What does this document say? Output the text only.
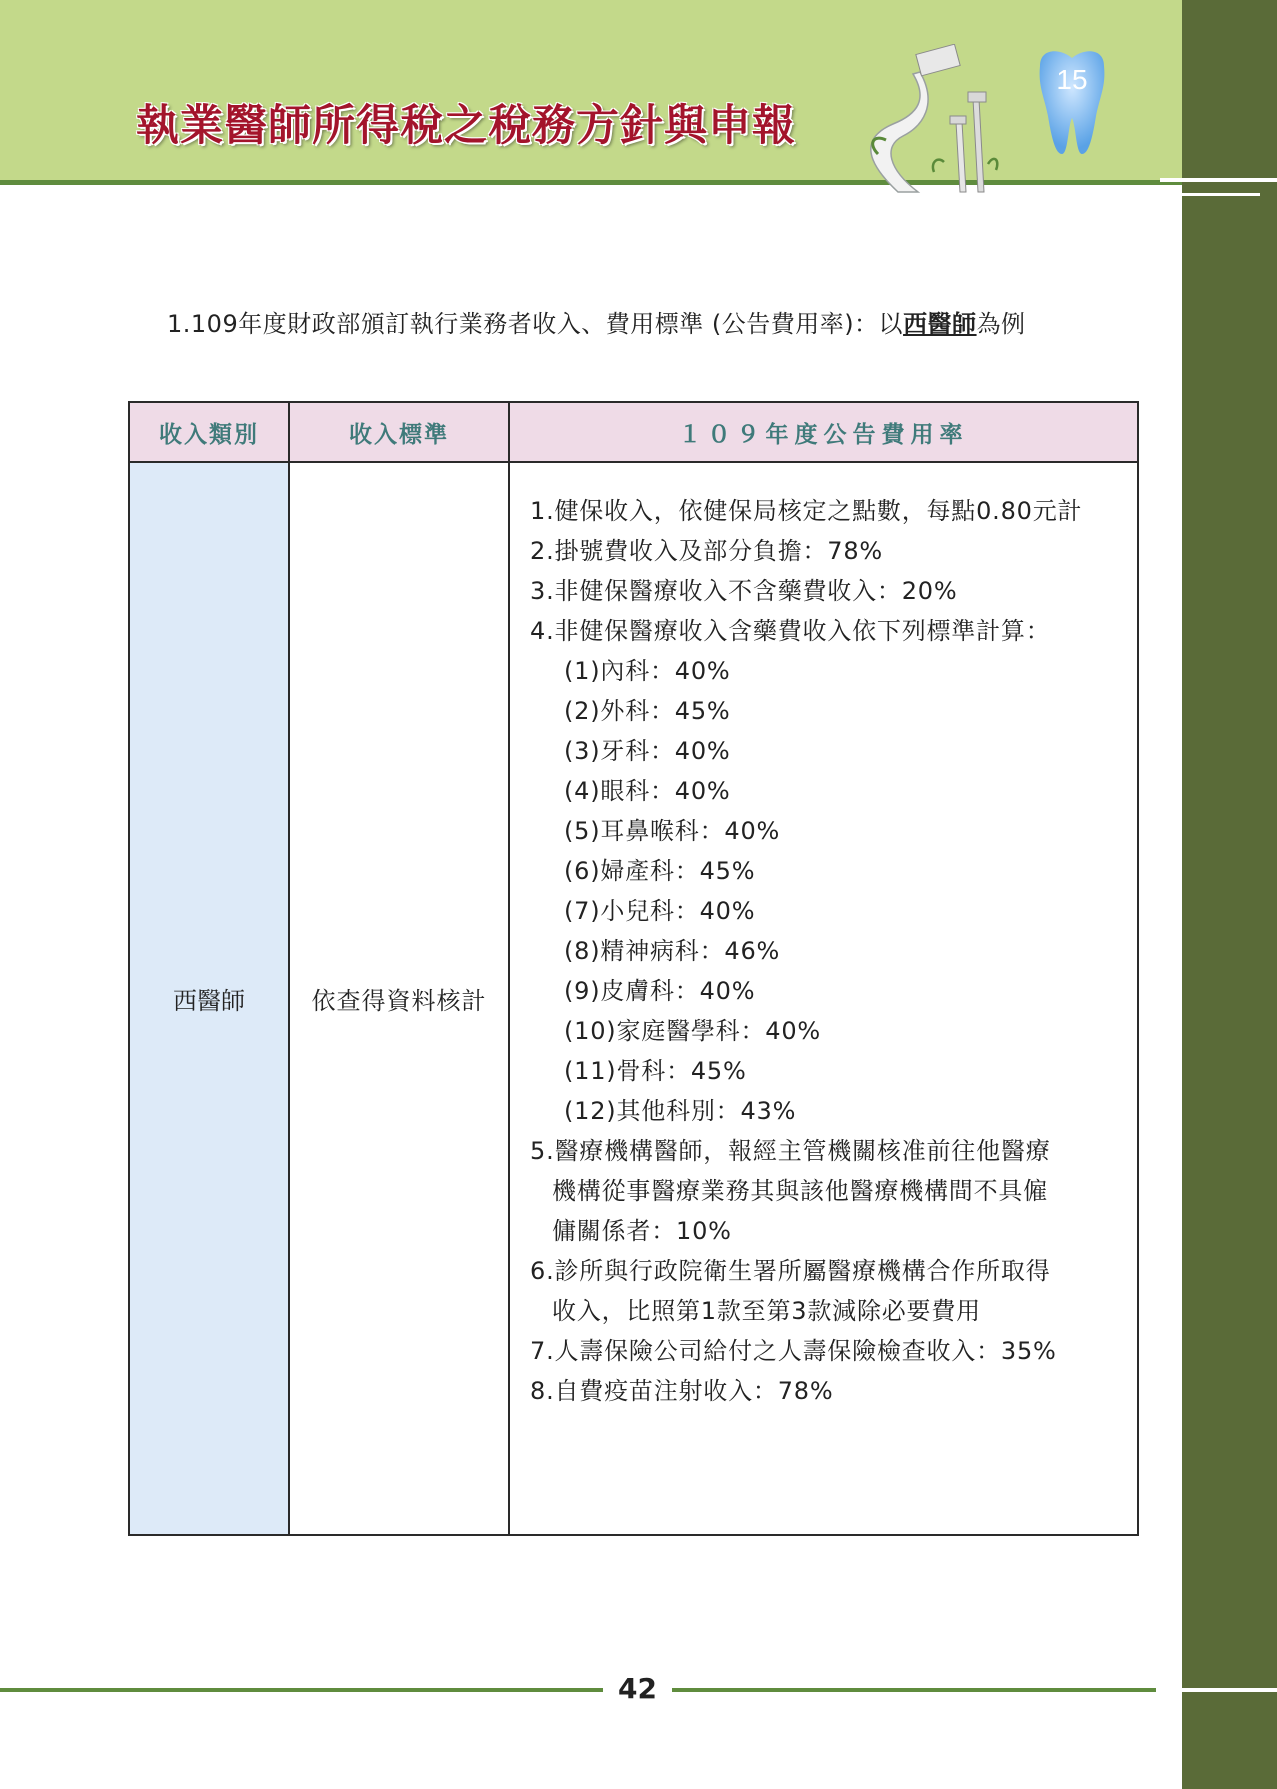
執業醫師所得稅之稅務方針與申報
15
1.109年度財政部頒訂執行業務者收入、費用標準 (公告費用率)：以西醫師為例
收入類別	收入標準	１０９年度公告費用率
西醫師	依查得資料核計
1.健保收入，依健保局核定之點數，每點0.80元計
2.掛號費收入及部分負擔：78%
3.非健保醫療收入不含藥費收入：20%
4.非健保醫療收入含藥費收入依下列標準計算：
(1)內科：40%
(2)外科：45%
(3)牙科：40%
(4)眼科：40%
(5)耳鼻喉科：40%
(6)婦產科：45%
(7)小兒科：40%
(8)精神病科：46%
(9)皮膚科：40%
(10)家庭醫學科：40%
(11)骨科：45%
(12)其他科別：43%
5.醫療機構醫師，報經主管機關核准前往他醫療
機構從事醫療業務其與該他醫療機構間不具僱
傭關係者：10%
6.診所與行政院衛生署所屬醫療機構合作所取得
收入，比照第1款至第3款減除必要費用
7.人壽保險公司給付之人壽保險檢查收入：35%
8.自費疫苗注射收入：78%
42
